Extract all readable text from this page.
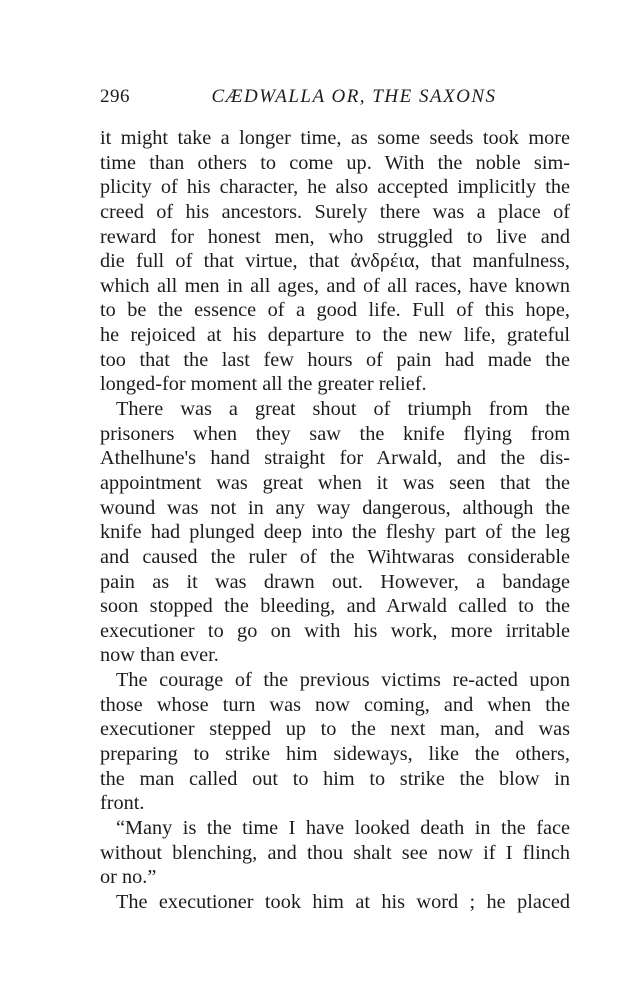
296	CÆDWALLA OR, THE SAXONS
it might take a longer time, as some seeds took more
time than others to come up. With the noble sim-
plicity of his character, he also accepted implicitly the
creed of his ancestors. Surely there was a place of
reward for honest men, who struggled to live and
die full of that virtue, that ἀνδρέια, that manfulness,
which all men in all ages, and of all races, have known
to be the essence of a good life. Full of this hope,
he rejoiced at his departure to the new life, grateful
too that the last few hours of pain had made the
longed-for moment all the greater relief.
There was a great shout of triumph from the
prisoners when they saw the knife flying from
Athelhune's hand straight for Arwald, and the dis-
appointment was great when it was seen that the
wound was not in any way dangerous, although the
knife had plunged deep into the fleshy part of the leg
and caused the ruler of the Wihtwaras considerable
pain as it was drawn out. However, a bandage
soon stopped the bleeding, and Arwald called to the
executioner to go on with his work, more irritable
now than ever.
The courage of the previous victims re-acted upon
those whose turn was now coming, and when the
executioner stepped up to the next man, and was
preparing to strike him sideways, like the others,
the man called out to him to strike the blow in
front.
“Many is the time I have looked death in the face
without blenching, and thou shalt see now if I flinch
or no.”
The executioner took him at his word ; he placed
